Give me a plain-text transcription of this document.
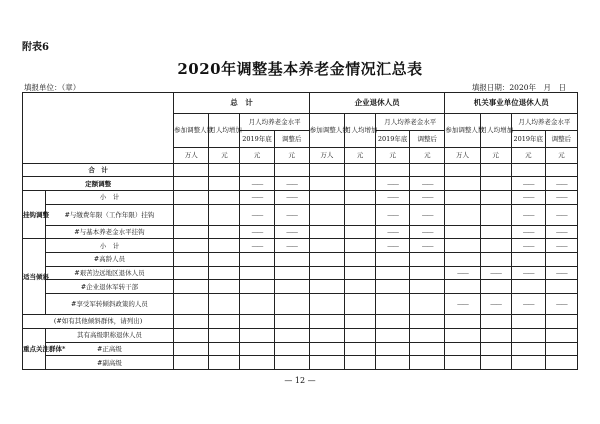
附表6
2020年调整基本养老金情况汇总表
填报单位：（章）	填报日期：2020年　月　日
		总　计				企业退休人员				机关事业单位退休人员			
		参加调整人数	月人均增加	月人均养老金水平		参加调整人数	月人均增加	月人均养老金水平		参加调整人数	月人均增加	月人均养老金水平	
				2019年底	调整后			2019年底	调整后			2019年底	调整后
		万人	元	元	元	万人	元	元	元	万人	元	元	元
合　计													
定额调整				——	——			——	——			——	——
挂钩调整	小　计			——	——			——	——			——	——
	#与缴费年限（工作年限）挂钩			——	——			——	——			——	——
	#与基本养老金水平挂钩			——	——			——	——			——	——
适当倾斜	小　计			——	——			——	——			——	——
	#高龄人员												
	#艰苦边远地区退休人员									——	——	——	——
	#企业退休军转干部												
	#享受军转倾斜政策的人员									——	——	——	——
(#如有其他倾斜群体，请列出)													
重点关注群体*	其有高级职称退休人员												
	#正高级												
	#副高级												
— 12 —
